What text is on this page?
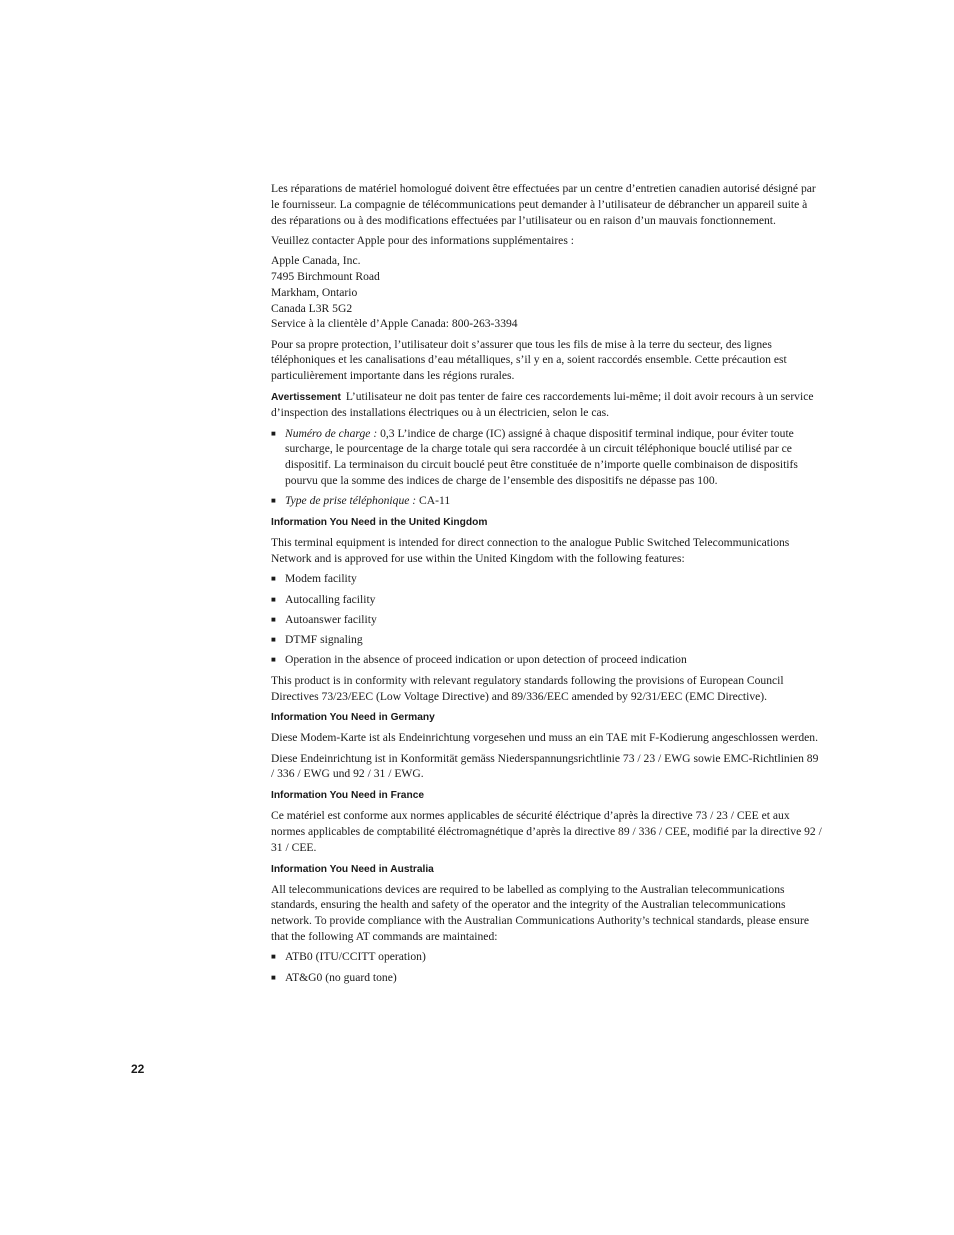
Les réparations de matériel homologué doivent être effectuées par un centre d’entretien canadien autorisé désigné par le fournisseur. La compagnie de télécommunications peut demander à l’utilisateur de débrancher un appareil suite à des réparations ou à des modifications effectuées par l’utilisateur ou en raison d’un mauvais fonctionnement.

Veuillez contacter Apple pour des informations supplémentaires :

Apple Canada, Inc.
7495 Birchmount Road
Markham, Ontario
Canada L3R 5G2
Service à la clientèle d’Apple Canada: 800-263-3394

Pour sa propre protection, l’utilisateur doit s’assurer que tous les fils de mise à la terre du secteur, des lignes téléphoniques et les canalisations d’eau métalliques, s’il y en a, soient raccordés ensemble. Cette précaution est particulièrement importante dans les régions rurales.

Avertissement L’utilisateur ne doit pas tenter de faire ces raccordements lui-même; il doit avoir recours à un service d’inspection des installations électriques ou à un électricien, selon le cas.

■ Numéro de charge : 0,3 L’indice de charge (IC) assigné à chaque dispositif terminal indique, pour éviter toute surcharge, le pourcentage de la charge totale qui sera raccordée à un circuit téléphonique bouclé utilisé par ce dispositif. La terminaison du circuit bouclé peut être constituée de n’importe quelle combinaison de dispositifs pourvu que la somme des indices de charge de l’ensemble des dispositifs ne dépasse pas 100.
■ Type de prise téléphonique : CA-11
Information You Need in the United Kingdom

This terminal equipment is intended for direct connection to the analogue Public Switched Telecommunications Network and is approved for use within the United Kingdom with the following features:

■ Modem facility
■ Autocalling facility
■ Autoanswer facility
■ DTMF signaling
■ Operation in the absence of proceed indication or upon detection of proceed indication

This product is in conformity with relevant regulatory standards following the provisions of European Council Directives 73/23/EEC (Low Voltage Directive) and 89/336/EEC amended by 92/31/EEC (EMC Directive).

Information You Need in Germany

Diese Modem-Karte ist als Endeinrichtung vorgesehen und muss an ein TAE mit F-Kodierung angeschlossen werden.

Diese Endeinrichtung ist in Konformität gemäss Niederspannungsrichtlinie 73 / 23 / EWG sowie EMC-Richtlinien 89 / 336 / EWG und 92 / 31 / EWG.

Information You Need in France

Ce matériel est conforme aux normes applicables de sécurité éléctrique d’après la directive 73 / 23 / CEE et aux normes applicables de comptabilité éléctromagnétique d’après la directive 89 / 336 / CEE, modifié par la directive 92 / 31 / CEE.

Information You Need in Australia

All telecommunications devices are required to be labelled as complying to the Australian telecommunications standards, ensuring the health and safety of the operator and the integrity of the Australian telecommunications network. To provide compliance with the Australian Communications Authority’s technical standards, please ensure that the following AT commands are maintained:

■ ATB0 (ITU/CCITT operation)
■ AT&G0 (no guard tone)
22
